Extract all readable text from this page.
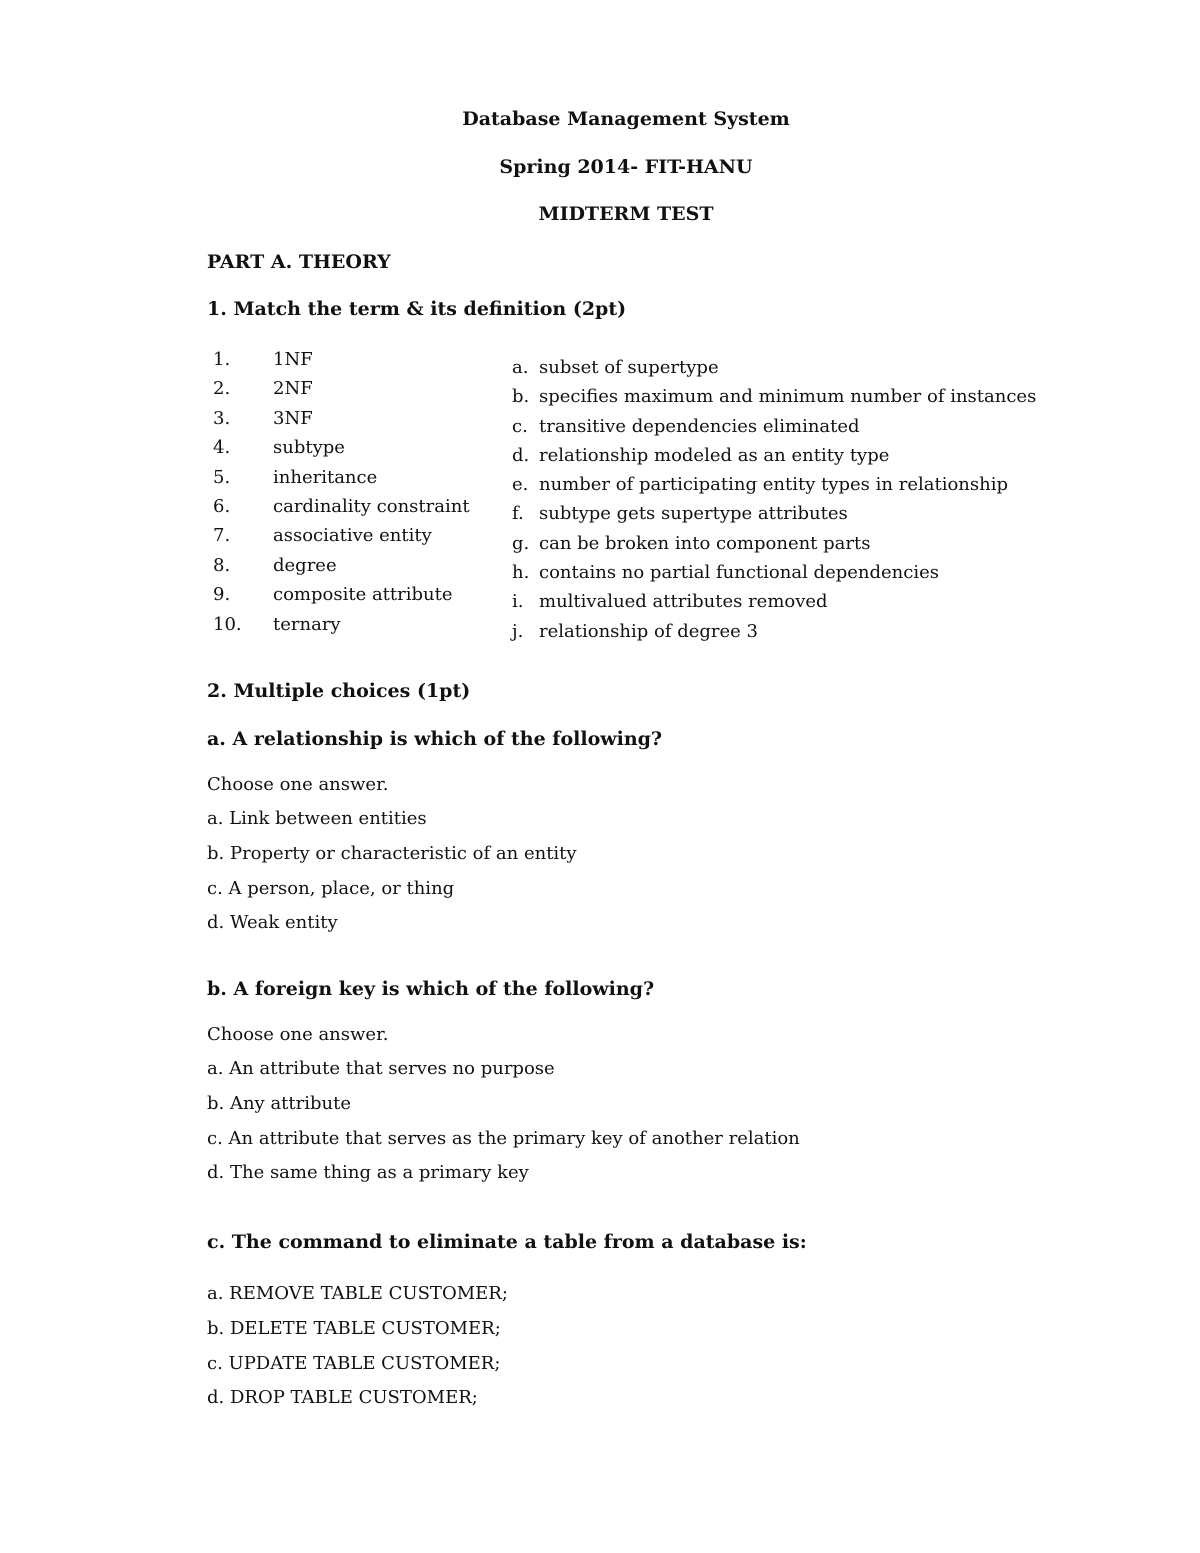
Database Management System
Spring 2014- FIT-HANU
MIDTERM TEST
PART A. THEORY
1. Match the term & its definition (2pt)
1. 1NF
2. 2NF
3. 3NF
4. subtype
5. inheritance
6. cardinality constraint
7. associative entity
8. degree
9. composite attribute
10. ternary
a. subset of supertype
b. specifies maximum and minimum number of instances
c. transitive dependencies eliminated
d. relationship modeled as an entity type
e. number of participating entity types in relationship
f. subtype gets supertype attributes
g. can be broken into component parts
h. contains no partial functional dependencies
i. multivalued attributes removed
j. relationship of degree 3
2. Multiple choices (1pt)
a. A relationship is which of the following?
Choose one answer.
a. Link between entities
b. Property or characteristic of an entity
c. A person, place, or thing
d. Weak entity
b. A foreign key is which of the following?
Choose one answer.
a. An attribute that serves no purpose
b. Any attribute
c. An attribute that serves as the primary key of another relation
d. The same thing as a primary key
c. The command to eliminate a table from a database is:
a. REMOVE TABLE CUSTOMER;
b. DELETE TABLE CUSTOMER;
c. UPDATE TABLE CUSTOMER;
d. DROP TABLE CUSTOMER;
